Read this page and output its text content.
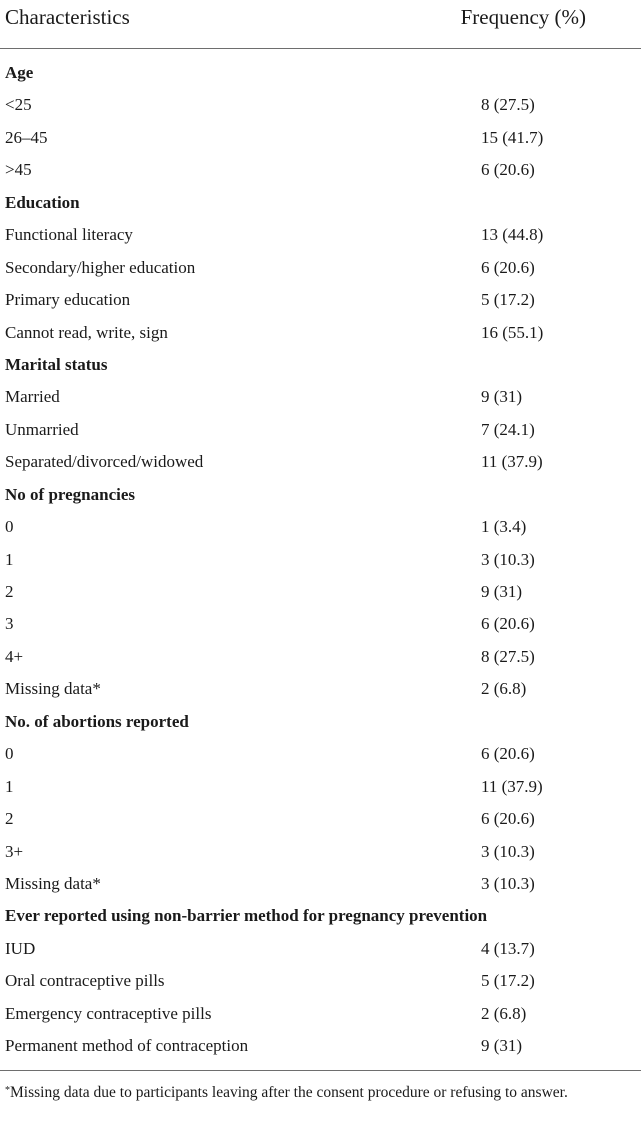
Characteristics	Frequency (%)
Age
<25	8 (27.5)
26–45	15 (41.7)
>45	6 (20.6)
Education
Functional literacy	13 (44.8)
Secondary/higher education	6 (20.6)
Primary education	5 (17.2)
Cannot read, write, sign	16 (55.1)
Marital status
Married	9 (31)
Unmarried	7 (24.1)
Separated/divorced/widowed	11 (37.9)
No of pregnancies
0	1 (3.4)
1	3 (10.3)
2	9 (31)
3	6 (20.6)
4+	8 (27.5)
Missing data*	2 (6.8)
No. of abortions reported
0	6 (20.6)
1	11 (37.9)
2	6 (20.6)
3+	3 (10.3)
Missing data*	3 (10.3)
Ever reported using non-barrier method for pregnancy prevention
IUD	4 (13.7)
Oral contraceptive pills	5 (17.2)
Emergency contraceptive pills	2 (6.8)
Permanent method of contraception	9 (31)
*Missing data due to participants leaving after the consent procedure or refusing to answer.
